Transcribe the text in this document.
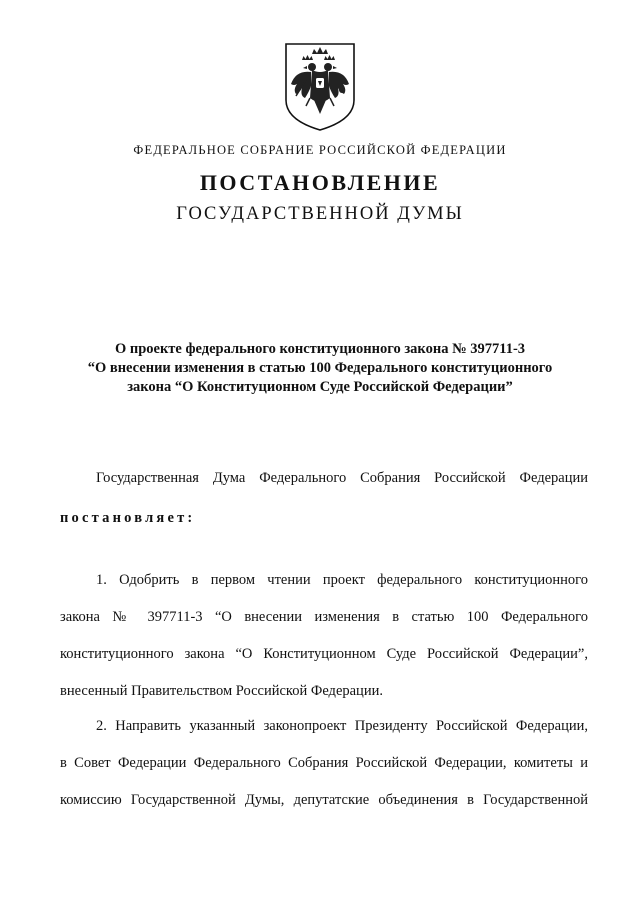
ФЕДЕРАЛЬНОЕ СОБРАНИЕ РОССИЙСКОЙ ФЕДЕРАЦИИ
ПОСТАНОВЛЕНИЕ
ГОСУДАРСТВЕННОЙ ДУМЫ
О проекте федерального конституционного закона № 397711-3
“О внесении изменения в статью 100 Федерального конституционного
закона “О Конституционном Суде Российской Федерации”
Государственная Дума Федерального Собрания Российской Федерации
постановляет:
1. Одобрить в первом чтении проект федерального конституционного
закона № 397711-3 “О внесении изменения в статью 100 Федерального
конституционного закона “О Конституционном Суде Российской Федерации”,
внесенный Правительством Российской Федерации.
2. Направить указанный законопроект Президенту Российской Федерации,
в Совет Федерации Федерального Собрания Российской Федерации, комитеты и
комиссию Государственной Думы, депутатские объединения в Государственной
